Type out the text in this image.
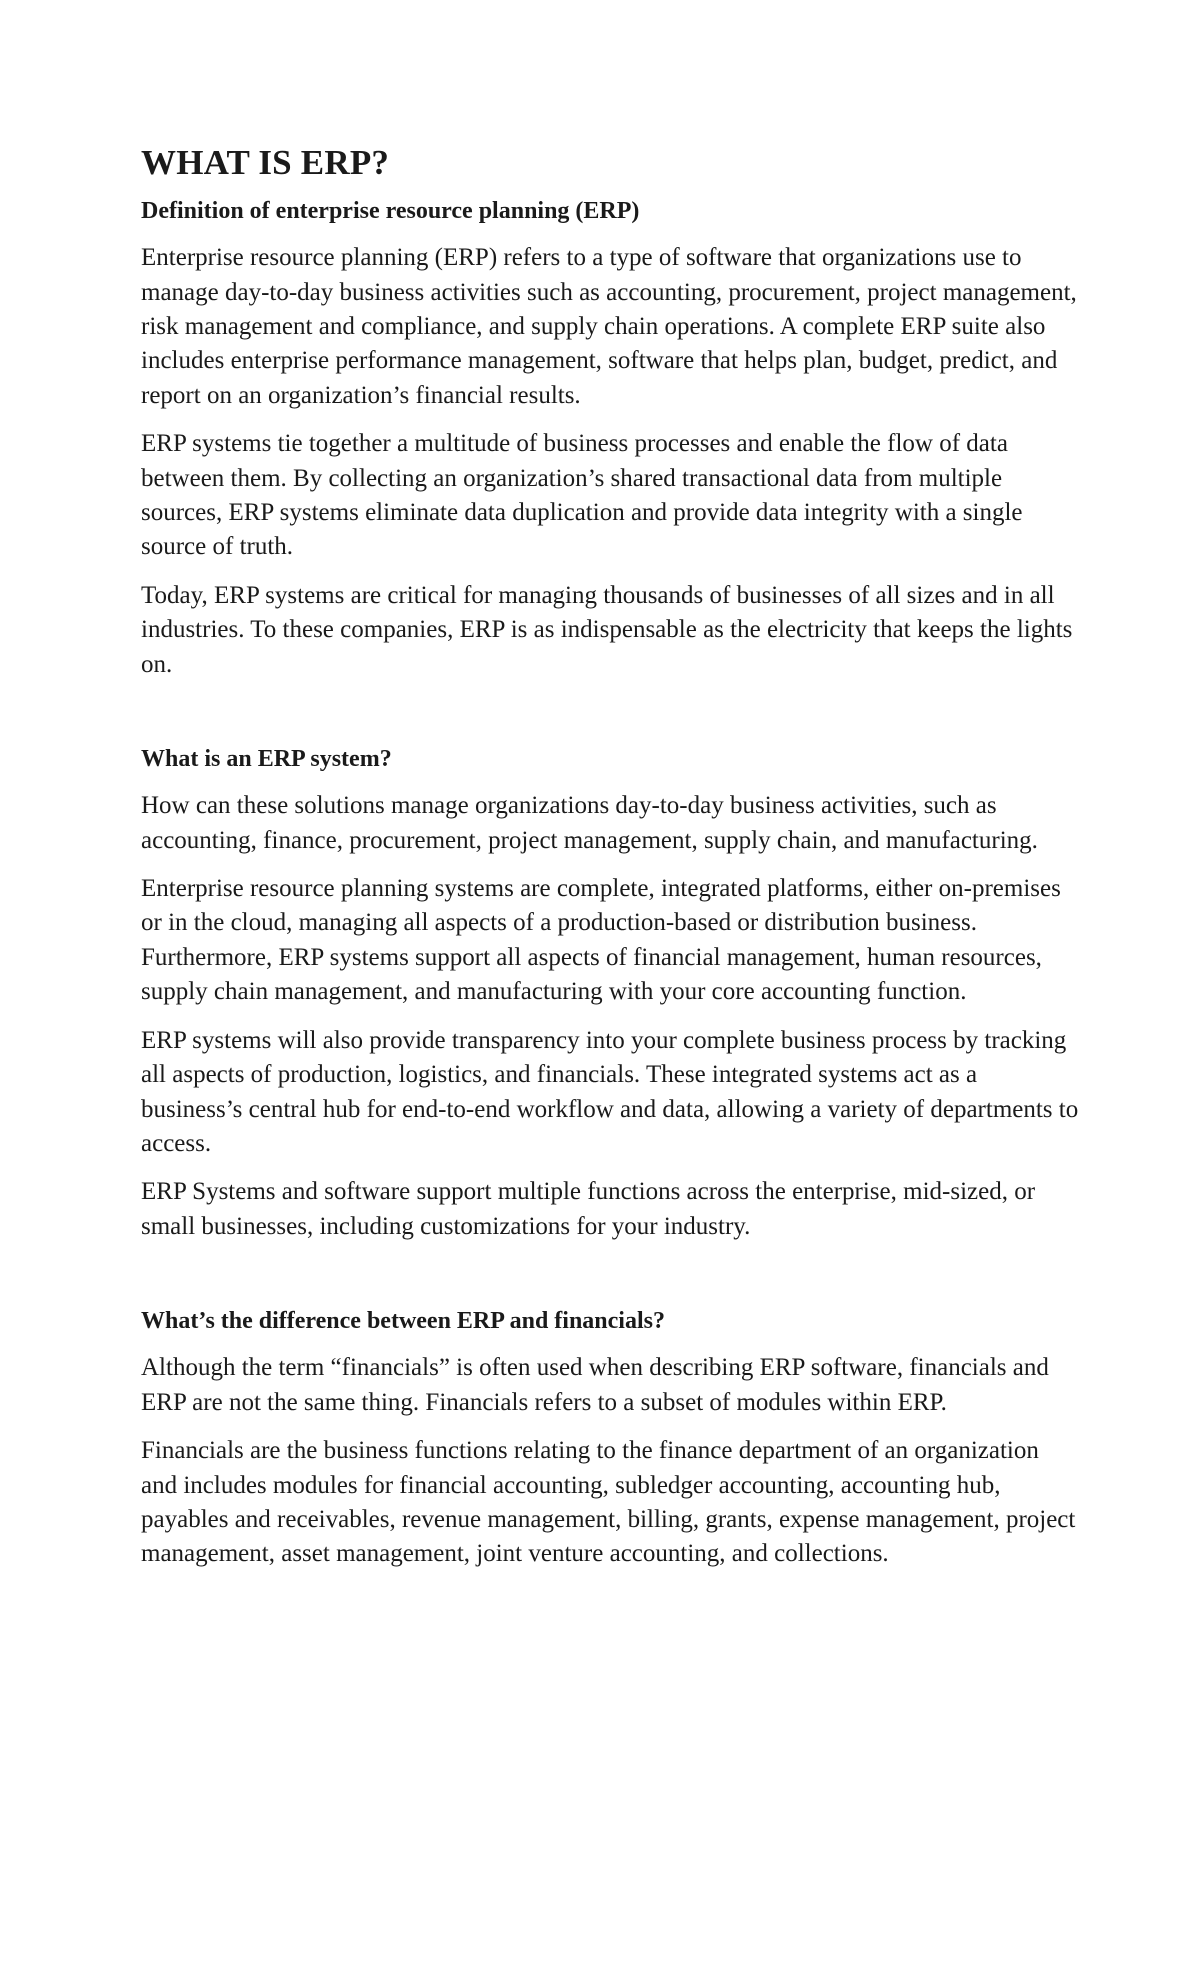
WHAT IS ERP?
Definition of enterprise resource planning (ERP)

Enterprise resource planning (ERP) refers to a type of software that organizations use to manage day-to-day business activities such as accounting, procurement, project management, risk management and compliance, and supply chain operations. A complete ERP suite also includes enterprise performance management, software that helps plan, budget, predict, and report on an organization’s financial results.

ERP systems tie together a multitude of business processes and enable the flow of data between them. By collecting an organization’s shared transactional data from multiple sources, ERP systems eliminate data duplication and provide data integrity with a single source of truth.

Today, ERP systems are critical for managing thousands of businesses of all sizes and in all industries. To these companies, ERP is as indispensable as the electricity that keeps the lights on.

What is an ERP system?

How can these solutions manage organizations day-to-day business activities, such as accounting, finance, procurement, project management, supply chain, and manufacturing.

Enterprise resource planning systems are complete, integrated platforms, either on-premises or in the cloud, managing all aspects of a production-based or distribution business. Furthermore, ERP systems support all aspects of financial management, human resources, supply chain management, and manufacturing with your core accounting function.

ERP systems will also provide transparency into your complete business process by tracking all aspects of production, logistics, and financials. These integrated systems act as a business’s central hub for end-to-end workflow and data, allowing a variety of departments to access.

ERP Systems and software support multiple functions across the enterprise, mid-sized, or small businesses, including customizations for your industry.

What’s the difference between ERP and financials?

Although the term “financials” is often used when describing ERP software, financials and ERP are not the same thing. Financials refers to a subset of modules within ERP.

Financials are the business functions relating to the finance department of an organization and includes modules for financial accounting, subledger accounting, accounting hub, payables and receivables, revenue management, billing, grants, expense management, project management, asset management, joint venture accounting, and collections.
